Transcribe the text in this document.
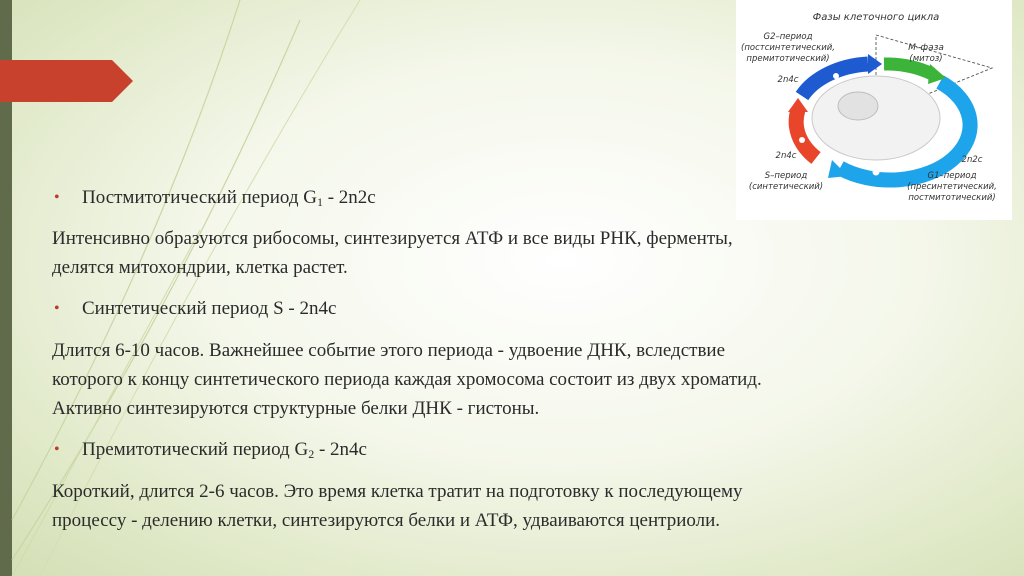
• Постмитотический период $G_1 - 2n2c$
Интенсивно образуются рибосомы, синтезируется АТФ и все виды РНК, ферменты,
делятся митохондрии, клетка растет.
• Синтетический период S - 2n4c
Длится 6-10 часов. Важнейшее событие этого периода - удвоение ДНК, вследствие
которого к концу синтетического периода каждая хромосома состоит из двух хроматид.
Активно синтезируются структурные белки ДНК - гистоны.
• Премитотический период $G_2 - 2n4c$
Короткий, длится 2-6 часов. Это время клетка тратит на подготовку к последующему
процессу - делению клетки, синтезируются белки и АТФ, удваиваются центриоли.
Фазы клеточного цикла
G2–период
(постсинтетический,
премитотический)
2n4c
М–фаза
(митоз)
2n4c
S–период
(синтетический)
2n2c
G1–период
(пресинтетический,
постмитотический)
